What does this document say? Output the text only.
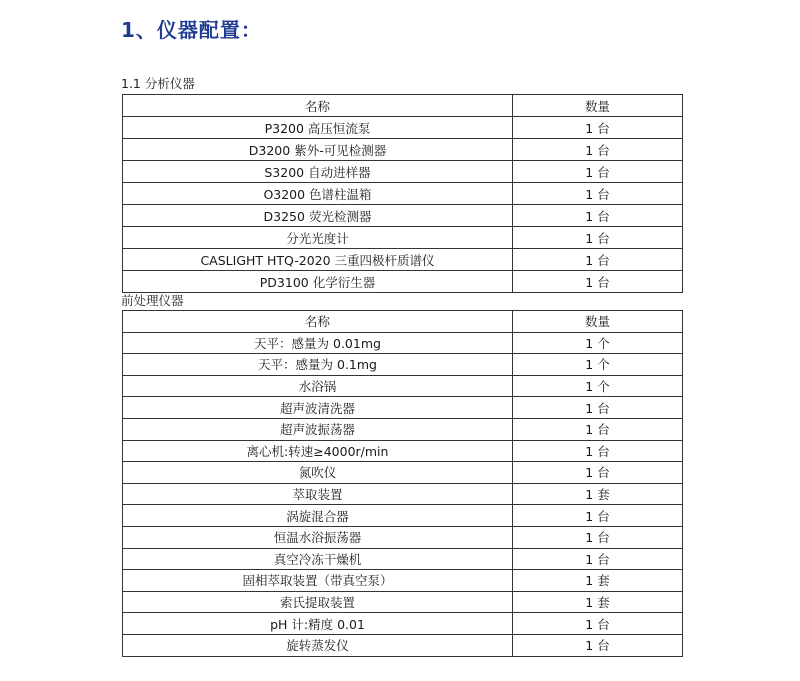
1、仪器配置：
1.1 分析仪器
名称	数量
P3200 高压恒流泵	1 台
D3200 紫外-可见检测器	1 台
S3200 自动进样器	1 台
O3200 色谱柱温箱	1 台
D3250 荧光检测器	1 台
分光光度计	1 台
CASLIGHT HTQ-2020 三重四极杆质谱仪	1 台
PD3100 化学衍生器	1 台
前处理仪器
名称	数量
天平：感量为 0.01mg	1 个
天平：感量为 0.1mg	1 个
水浴锅	1 个
超声波清洗器	1 台
超声波振荡器	1 台
离心机:转速≥4000r/min	1 台
氮吹仪	1 台
萃取装置	1 套
涡旋混合器	1 台
恒温水浴振荡器	1 台
真空冷冻干燥机	1 台
固相萃取装置（带真空泵）	1 套
索氏提取装置	1 套
pH 计:精度 0.01	1 台
旋转蒸发仪	1 台
